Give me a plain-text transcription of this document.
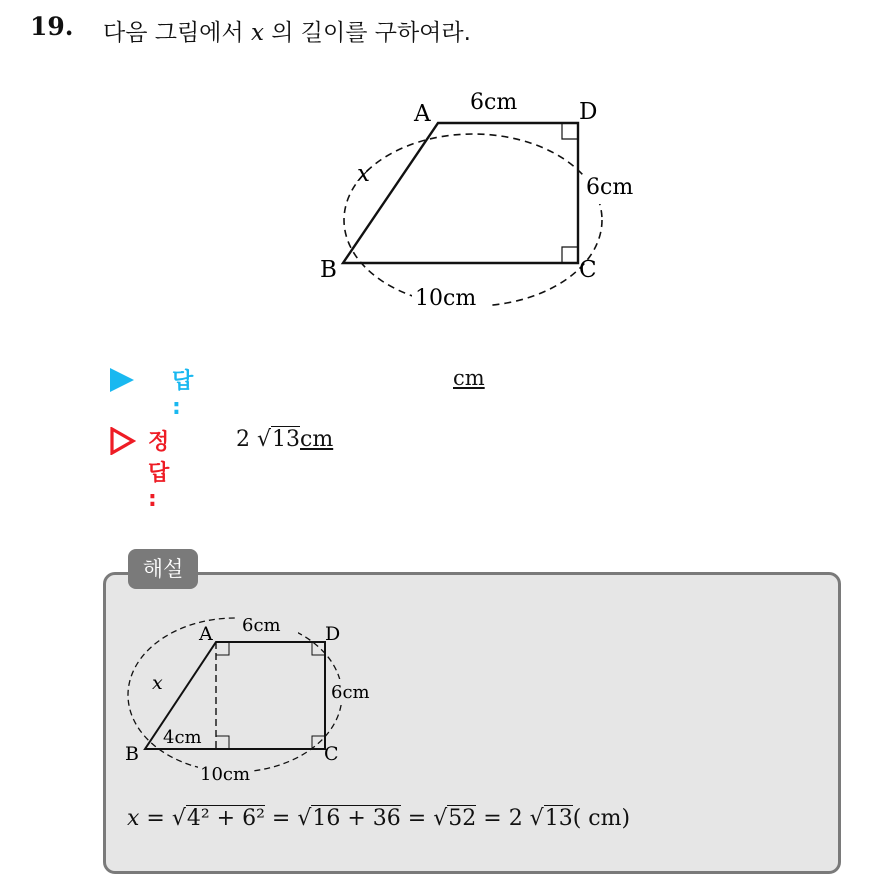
19. 다음 그림에서 x 의 길이를 구하여라.
A	D
B	C
x
6cm
6cm
10cm
답 :
cm
정답 :
2 √13cm
해설
A	D
B	C
x
6cm
6cm
10cm
4cm
x = √4² + 6² = √16 + 36 = √52 = 2 √13( cm)
